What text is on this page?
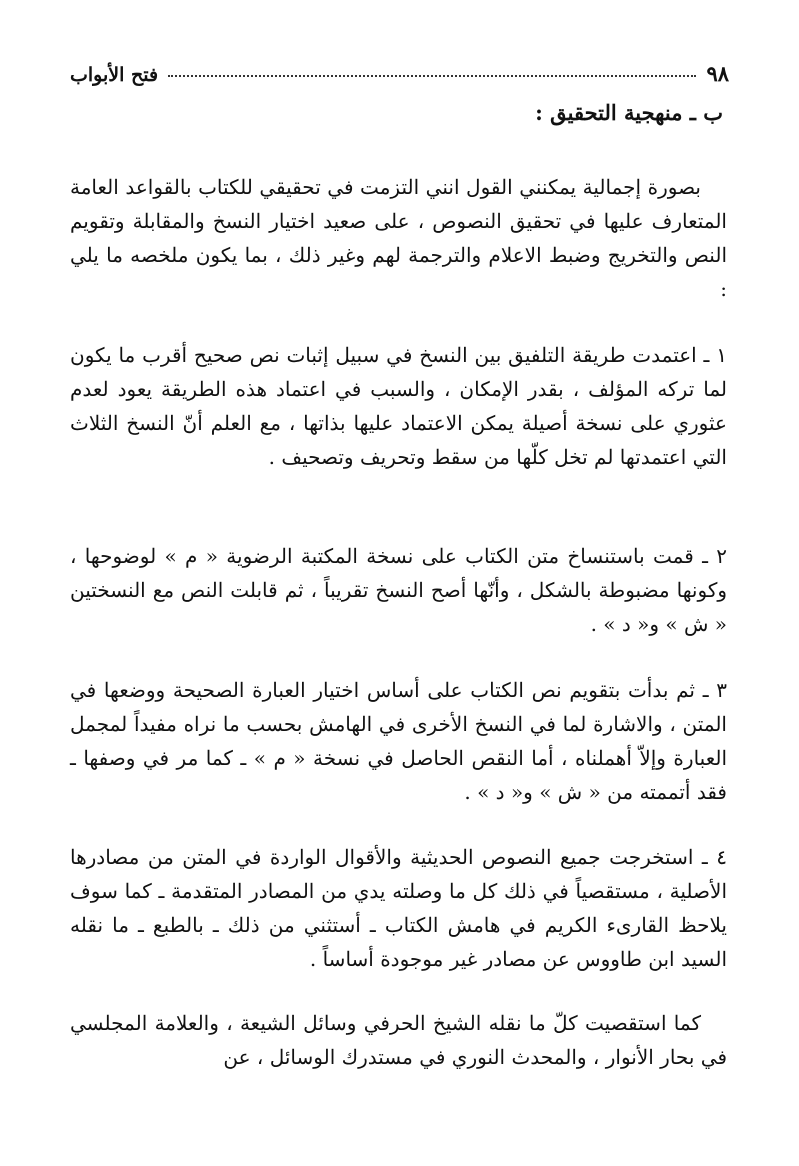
٩٨
فتح الأبواب
ب ـ منهجية التحقيق :

بصورة إجمالية يمكنني القول انني التزمت في تحقيقي للكتاب بالقواعد العامة المتعارف عليها في تحقيق النصوص ، على صعيد اختيار النسخ والمقابلة وتقويم النص والتخريج وضبط الاعلام والترجمة لهم وغير ذلك ، بما يكون ملخصه ما يلي :

١ ـ اعتمدت طريقة التلفيق بين النسخ في سبيل إثبات نص صحيح أقرب ما يكون لما تركه المؤلف ، بقدر الإمكان ، والسبب في اعتماد هذه الطريقة يعود لعدم عثوري على نسخة أصيلة يمكن الاعتماد عليها بذاتها ، مع العلم أنّ النسخ الثلاث التي اعتمدتها لم تخل كلّها من سقط وتحريف وتصحيف .

٢ ـ قمت باستنساخ متن الكتاب على نسخة المكتبة الرضوية « م » لوضوحها ، وكونها مضبوطة بالشكل ، وأنّها أصح النسخ تقريباً ، ثم قابلت النص مع النسختين « ش » و« د » .

٣ ـ ثم بدأت بتقويم نص الكتاب على أساس اختيار العبارة الصحيحة ووضعها في المتن ، والاشارة لما في النسخ الأخرى في الهامش بحسب ما نراه مفيداً لمجمل العبارة وإلاّ أهملناه ، أما النقص الحاصل في نسخة « م » ـ كما مر في وصفها ـ فقد أتممته من « ش » و« د » .

٤ ـ استخرجت جميع النصوص الحديثية والأقوال الواردة في المتن من مصادرها الأصلية ، مستقصياً في ذلك كل ما وصلته يدي من المصادر المتقدمة ـ كما سوف يلاحظ القارىء الكريم في هامش الكتاب ـ أستثني من ذلك ـ بالطبع ـ ما نقله السيد ابن طاووس عن مصادر غير موجودة أساساً .

كما استقصيت كلّ ما نقله الشيخ الحرفي وسائل الشيعة ، والعلامة المجلسي في بحار الأنوار ، والمحدث النوري في مستدرك الوسائل ، عن
